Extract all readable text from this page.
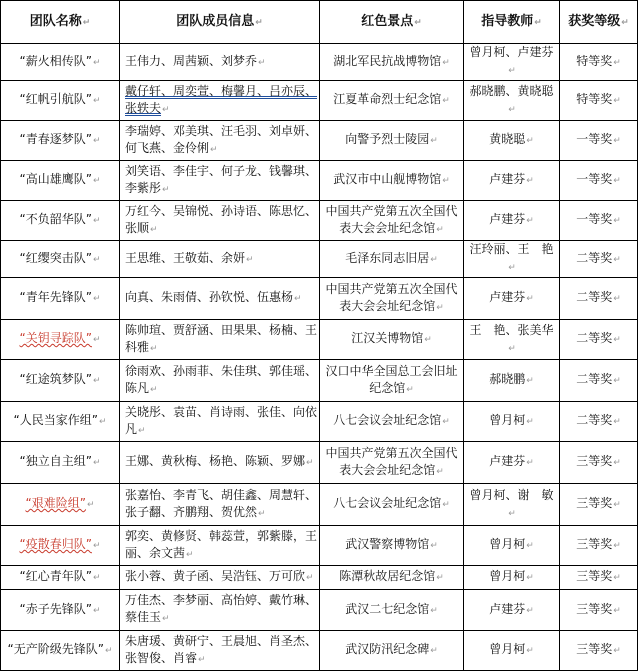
团队名称↵	团队成员信息↵	红色景点↵	指导教师↵	获奖等级↵
“薪火相传队”↵	王伟力、周茜颖、刘梦乔↵	湖北军民抗战博物馆↵	曾月柯、卢建芬↵	特等奖↵
“红帆引航队”↵	戴仔轩、周奕萱、梅馨月、吕亦辰、张轶夫↵	江夏革命烈士纪念馆↵	郝晓鹏、黄晓聪↵	特等奖↵
“青春逐梦队”↵	李瑞婷、邓美琪、汪毛羽、刘卓妍、何飞燕、金伶俐↵	向警予烈士陵园↵	黄晓聪↵	一等奖↵
“高山雄鹰队”↵	刘笑语、李佳宇、何子龙、钱馨琪、李紫彤↵	武汉市中山舰博物馆↵	卢建芬↵	一等奖↵
“不负韶华队”↵	万红今、吴锦悦、孙诗语、陈思忆、张顺↵	中国共产党第五次全国代表大会会址纪念馆↵	卢建芬↵	一等奖↵
“红缨突击队”↵	王思维、王敬茹、余妍↵	毛泽东同志旧居↵	汪玲丽、王　艳↵	二等奖↵
“青年先锋队”↵	向真、朱雨倩、孙钦悦、伍惠杨↵	中国共产党第五次全国代表大会会址纪念馆↵	卢建芬↵	二等奖↵
“关钥寻踪队”↵	陈帅瑄、贾舒涵、田果果、杨楠、王科雅↵	江汉关博物馆↵	王　艳、张美华↵	二等奖↵
“红途筑梦队”↵	徐雨欢、孙雨菲、朱佳琪、郭佳瑶、陈凡↵	汉口中华全国总工会旧址纪念馆↵	郝晓鹏↵	二等奖↵
“人民当家作组”↵	关晓彤、袁苗、肖诗雨、张佳、向依凡↵	八七会议会址纪念馆↵	曾月柯↵	二等奖↵
“独立自主组”↵	王娜、黄秋梅、杨艳、陈颖、罗娜↵	中国共产党第五次全国代表大会会址纪念馆↵	卢建芬↵	三等奖↵
“艰难险组”↵	张嘉怡、李青飞、胡佳鑫、周慧轩、张子翻、齐鹏翔、贺优然↵	八七会议会址纪念馆↵	曾月柯、谢　敏↵	三等奖↵
“疫散春归队”↵	郭奕、黄修贤、韩蕊萱，郭紫滕，王丽、余文茜↵	武汉警察博物馆↵	曾月柯↵	三等奖↵
“红心青年队”↵	张小蓉、黄子函、吴浩钰、万可欣↵	陈潭秋故居纪念馆↵	曾月柯↵	三等奖↵
“赤子先锋队”↵	万佳杰、李梦丽、高怡婷、戴竹琳、蔡佳玉↵	武汉二七纪念馆↵	卢建芬↵	三等奖↵
“无产阶级先锋队”↵	朱唐瑗、黄研宁、王晨旭、肖圣杰、张智俊、肖睿↵	武汉防汛纪念碑↵	曾月柯↵	三等奖↵
